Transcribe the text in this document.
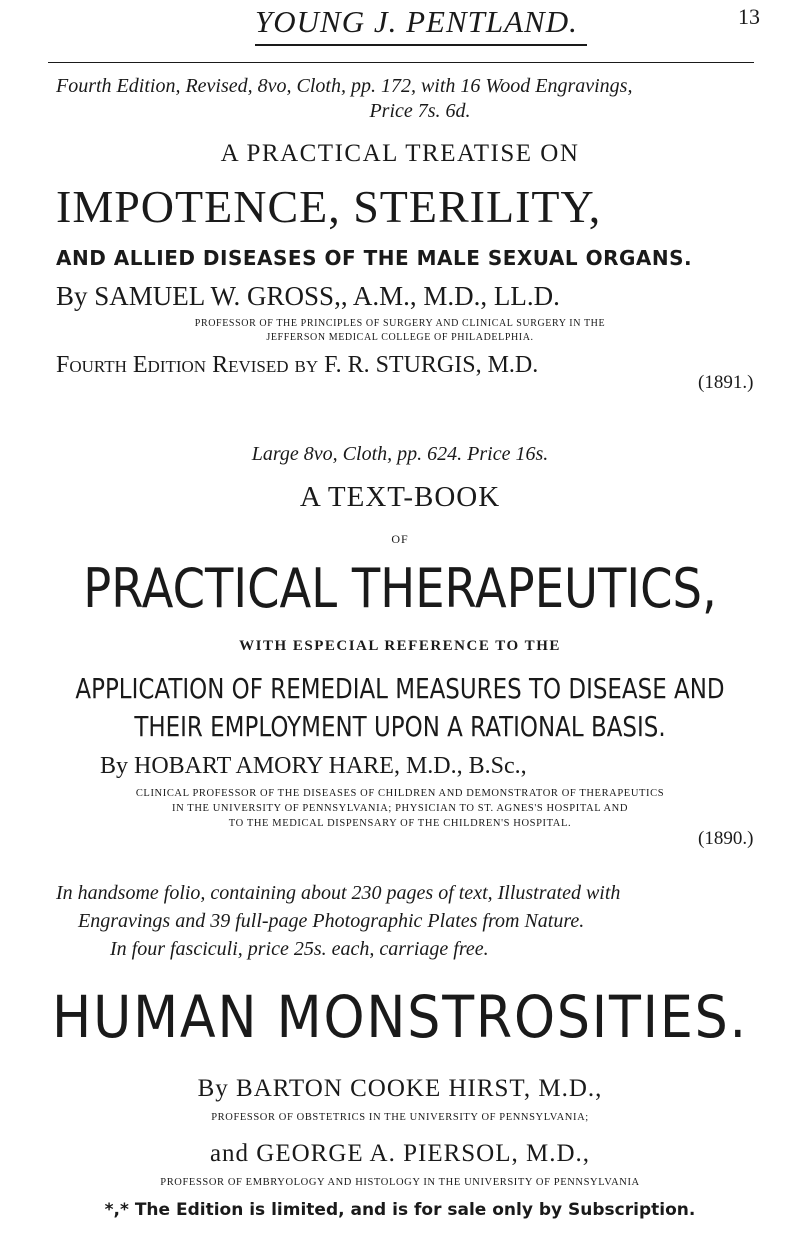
YOUNG J. PENTLAND.	13
Fourth Edition, Revised, 8vo, Cloth, pp. 172, with 16 Wood Engravings,
Price 7s. 6d.
A PRACTICAL TREATISE ON
IMPOTENCE, STERILITY,
AND ALLIED DISEASES OF THE MALE SEXUAL ORGANS.
By SAMUEL W. GROSS,, A.M., M.D., LL.D.
PROFESSOR OF THE PRINCIPLES OF SURGERY AND CLINICAL SURGERY IN THE
JEFFERSON MEDICAL COLLEGE OF PHILADELPHIA.
Fourth Edition Revised by F. R. STURGIS, M.D.
(1891.)
Large 8vo, Cloth, pp. 624. Price 16s.
A TEXT-BOOK
OF
PRACTICAL THERAPEUTICS,
WITH ESPECIAL REFERENCE TO THE
APPLICATION OF REMEDIAL MEASURES TO DISEASE AND
THEIR EMPLOYMENT UPON A RATIONAL BASIS.
By HOBART AMORY HARE, M.D., B.Sc.,
CLINICAL PROFESSOR OF THE DISEASES OF CHILDREN AND DEMONSTRATOR OF THERAPEUTICS
IN THE UNIVERSITY OF PENNSYLVANIA; PHYSICIAN TO ST. AGNES'S HOSPITAL AND
TO THE MEDICAL DISPENSARY OF THE CHILDREN'S HOSPITAL.
(1890.)
In handsome folio, containing about 230 pages of text, Illustrated with
Engravings and 39 full-page Photographic Plates from Nature.
In four fasciculi, price 25s. each, carriage free.
HUMAN MONSTROSITIES.
By BARTON COOKE HIRST, M.D.,
PROFESSOR OF OBSTETRICS IN THE UNIVERSITY OF PENNSYLVANIA;
and GEORGE A. PIERSOL, M.D.,
PROFESSOR OF EMBRYOLOGY AND HISTOLOGY IN THE UNIVERSITY OF PENNSYLVANIA
*,* The Edition is limited, and is for sale only by Subscription.
